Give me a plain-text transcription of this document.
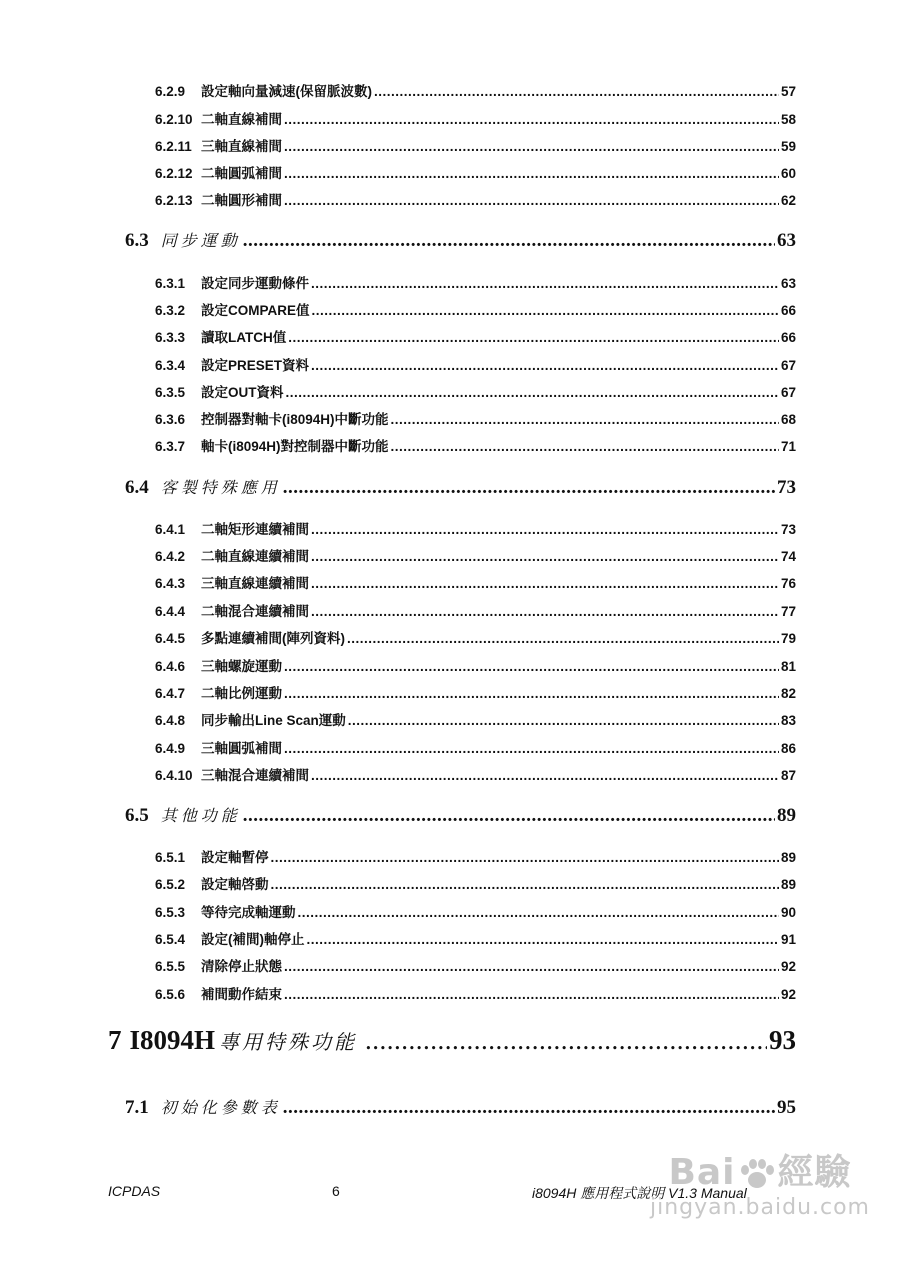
6.2.9	設定軸向量減速(保留脈波數) .....	57
6.2.10 二軸直線補間 .....	58
6.2.11 三軸直線補間 .....	59
6.2.12 二軸圓弧補間 .....	60
6.2.13 二軸圓形補間 .....	62
6.3 同步運動 .....	63
6.3.1	設定同步運動條件 .....	63
6.3.2	設定COMPARE值 .....	66
6.3.3	讀取LATCH值 .....	66
6.3.4	設定PRESET資料 .....	67
6.3.5	設定OUT資料 .....	67
6.3.6	控制器對軸卡(i8094H)中斷功能 .....	68
6.3.7	軸卡(i8094H)對控制器中斷功能 .....	71
6.4 客製特殊應用 .....	73
6.4.1	二軸矩形連續補間 .....	73
6.4.2	二軸直線連續補間 .....	74
6.4.3	三軸直線連續補間 .....	76
6.4.4	二軸混合連續補間 .....	77
6.4.5	多點連續補間(陣列資料) .....	79
6.4.6	三軸螺旋運動 .....	81
6.4.7	二軸比例運動 .....	82
6.4.8	同步輸出Line Scan運動 .....	83
6.4.9	三軸圓弧補間 .....	86
6.4.10 三軸混合連續補間 .....	87
6.5 其他功能 .....	89
6.5.1	設定軸暫停 .....	89
6.5.2	設定軸啓動 .....	89
6.5.3	等待完成軸運動 .....	90
6.5.4	設定(補間)軸停止 .....	91
6.5.5	清除停止狀態 .....	92
6.5.6	補間動作結束 .....	92
7 I8094H 專用特殊功能 .....	93
7.1 初始化參數表 .....	95
ICPDAS	6	i8094H 應用程式說明 V1.3 Manual
Bai 經驗
jingyan.baidu.com
